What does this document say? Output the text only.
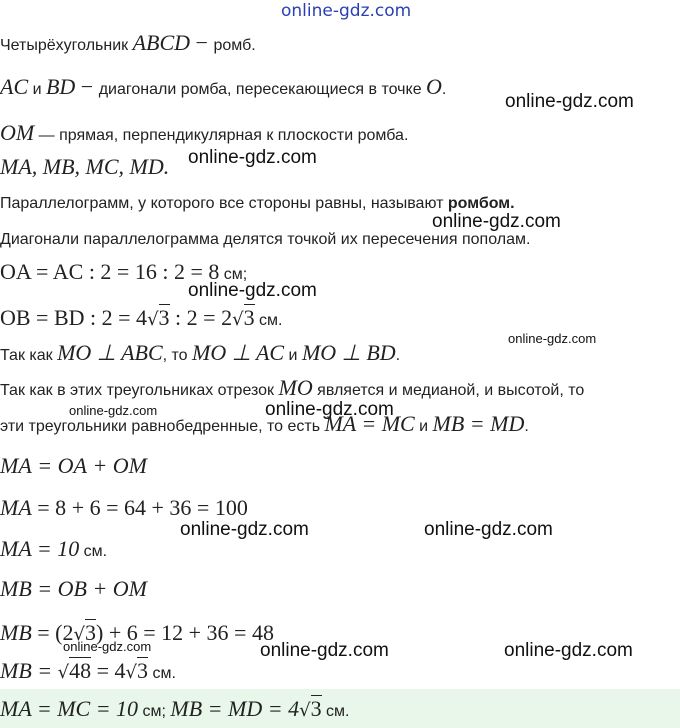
online-gdz.com
Четырёхугольник ABCD − ромб.
AC и BD − диагонали ромба, пересекающиеся в точке O.
online-gdz.com
OM — прямая, перпендикулярная к плоскости ромба.
MA, MB, MC, MD. online-gdz.com
Параллелограмм, у которого все стороны равны, называют ромбом.
online-gdz.com
Диагонали параллелограмма делятся точкой их пересечения пополам.
OA = AC : 2 = 16 : 2 = 8 см;
online-gdz.com
OB = BD : 2 = 4√3 : 2 = 2√3 см.
online-gdz.com
Так как MO ⊥ ABC, то MO ⊥ AC и MO ⊥ BD.
Так как в этих треугольниках отрезок MO является и медианой, и высотой, то
online-gdz.com	online-gdz.com
эти треугольники равнобедренные, то есть MA = MC и MB = MD.
MA = OA + OM
MA = 8 + 6 = 64 + 36 = 100
online-gdz.com	online-gdz.com
MA = 10 см.
MB = OB + OM
MB = (2√3) + 6 = 12 + 36 = 48
online-gdz.com	online-gdz.com	online-gdz.com
MB = √48 = 4√3 см.
MA = MC = 10 см; MB = MD = 4√3 см.
